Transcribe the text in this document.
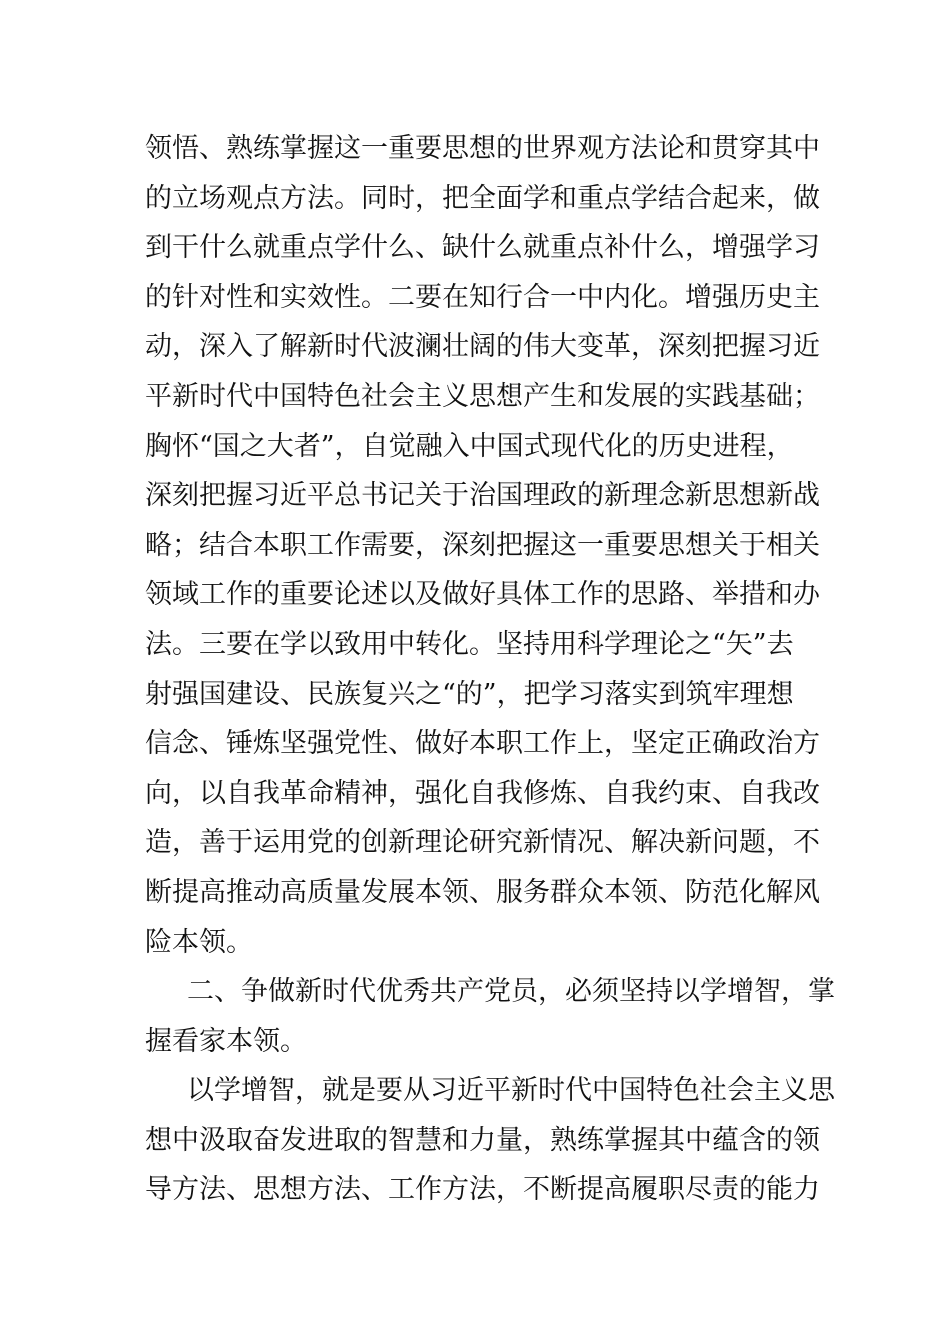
领悟、熟练掌握这一重要思想的世界观方法论和贯穿其中
的立场观点方法。同时，把全面学和重点学结合起来，做
到干什么就重点学什么、缺什么就重点补什么，增强学习
的针对性和实效性。二要在知行合一中内化。增强历史主
动，深入了解新时代波澜壮阔的伟大变革，深刻把握习近
平新时代中国特色社会主义思想产生和发展的实践基础；
胸怀“国之大者”，自觉融入中国式现代化的历史进程，
深刻把握习近平总书记关于治国理政的新理念新思想新战
略；结合本职工作需要，深刻把握这一重要思想关于相关
领域工作的重要论述以及做好具体工作的思路、举措和办
法。三要在学以致用中转化。坚持用科学理论之“矢”去
射强国建设、民族复兴之“的”，把学习落实到筑牢理想
信念、锤炼坚强党性、做好本职工作上，坚定正确政治方
向，以自我革命精神，强化自我修炼、自我约束、自我改
造，善于运用党的创新理论研究新情况、解决新问题，不
断提高推动高质量发展本领、服务群众本领、防范化解风
险本领。
二、争做新时代优秀共产党员，必须坚持以学增智，掌
握看家本领。
以学增智，就是要从习近平新时代中国特色社会主义思
想中汲取奋发进取的智慧和力量，熟练掌握其中蕴含的领
导方法、思想方法、工作方法，不断提高履职尽责的能力
